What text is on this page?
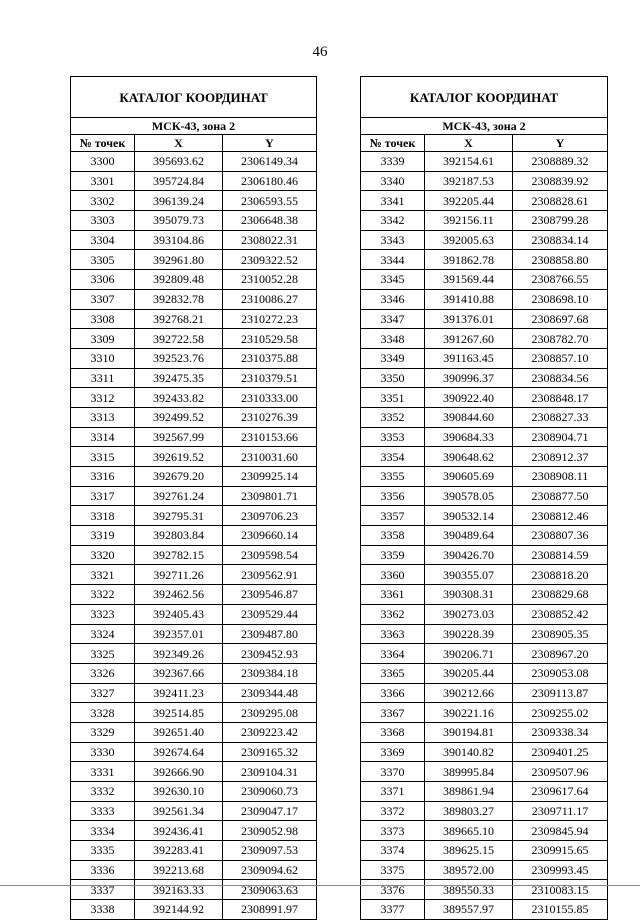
46
КАТАЛОГ КООРДИНАТ		
МСК-43, зона 2		
№ точек	X	Y
3300	395693.62	2306149.34
3301	395724.84	2306180.46
3302	396139.24	2306593.55
3303	395079.73	2306648.38
3304	393104.86	2308022.31
3305	392961.80	2309322.52
3306	392809.48	2310052.28
3307	392832.78	2310086.27
3308	392768.21	2310272.23
3309	392722.58	2310529.58
3310	392523.76	2310375.88
3311	392475.35	2310379.51
3312	392433.82	2310333.00
3313	392499.52	2310276.39
3314	392567.99	2310153.66
3315	392619.52	2310031.60
3316	392679.20	2309925.14
3317	392761.24	2309801.71
3318	392795.31	2309706.23
3319	392803.84	2309660.14
3320	392782.15	2309598.54
3321	392711.26	2309562.91
3322	392462.56	2309546.87
3323	392405.43	2309529.44
3324	392357.01	2309487.80
3325	392349.26	2309452.93
3326	392367.66	2309384.18
3327	392411.23	2309344.48
3328	392514.85	2309295.08
3329	392651.40	2309223.42
3330	392674.64	2309165.32
3331	392666.90	2309104.31
3332	392630.10	2309060.73
3333	392561.34	2309047.17
3334	392436.41	2309052.98
3335	392283.41	2309097.53
3336	392213.68	2309094.62
3337	392163.33	2309063.63
3338	392144.92	2308991.97
КАТАЛОГ КООРДИНАТ		
МСК-43, зона 2		
№ точек	X	Y
3339	392154.61	2308889.32
3340	392187.53	2308839.92
3341	392205.44	2308828.61
3342	392156.11	2308799.28
3343	392005.63	2308834.14
3344	391862.78	2308858.80
3345	391569.44	2308766.55
3346	391410.88	2308698.10
3347	391376.01	2308697.68
3348	391267.60	2308782.70
3349	391163.45	2308857.10
3350	390996.37	2308834.56
3351	390922.40	2308848.17
3352	390844.60	2308827.33
3353	390684.33	2308904.71
3354	390648.62	2308912.37
3355	390605.69	2308908.11
3356	390578.05	2308877.50
3357	390532.14	2308812.46
3358	390489.64	2308807.36
3359	390426.70	2308814.59
3360	390355.07	2308818.20
3361	390308.31	2308829.68
3362	390273.03	2308852.42
3363	390228.39	2308905.35
3364	390206.71	2308967.20
3365	390205.44	2309053.08
3366	390212.66	2309113.87
3367	390221.16	2309255.02
3368	390194.81	2309338.34
3369	390140.82	2309401.25
3370	389995.84	2309507.96
3371	389861.94	2309617.64
3372	389803.27	2309711.17
3373	389665.10	2309845.94
3374	389625.15	2309915.65
3375	389572.00	2309993.45
3376	389550.33	2310083.15
3377	389557.97	2310155.85
